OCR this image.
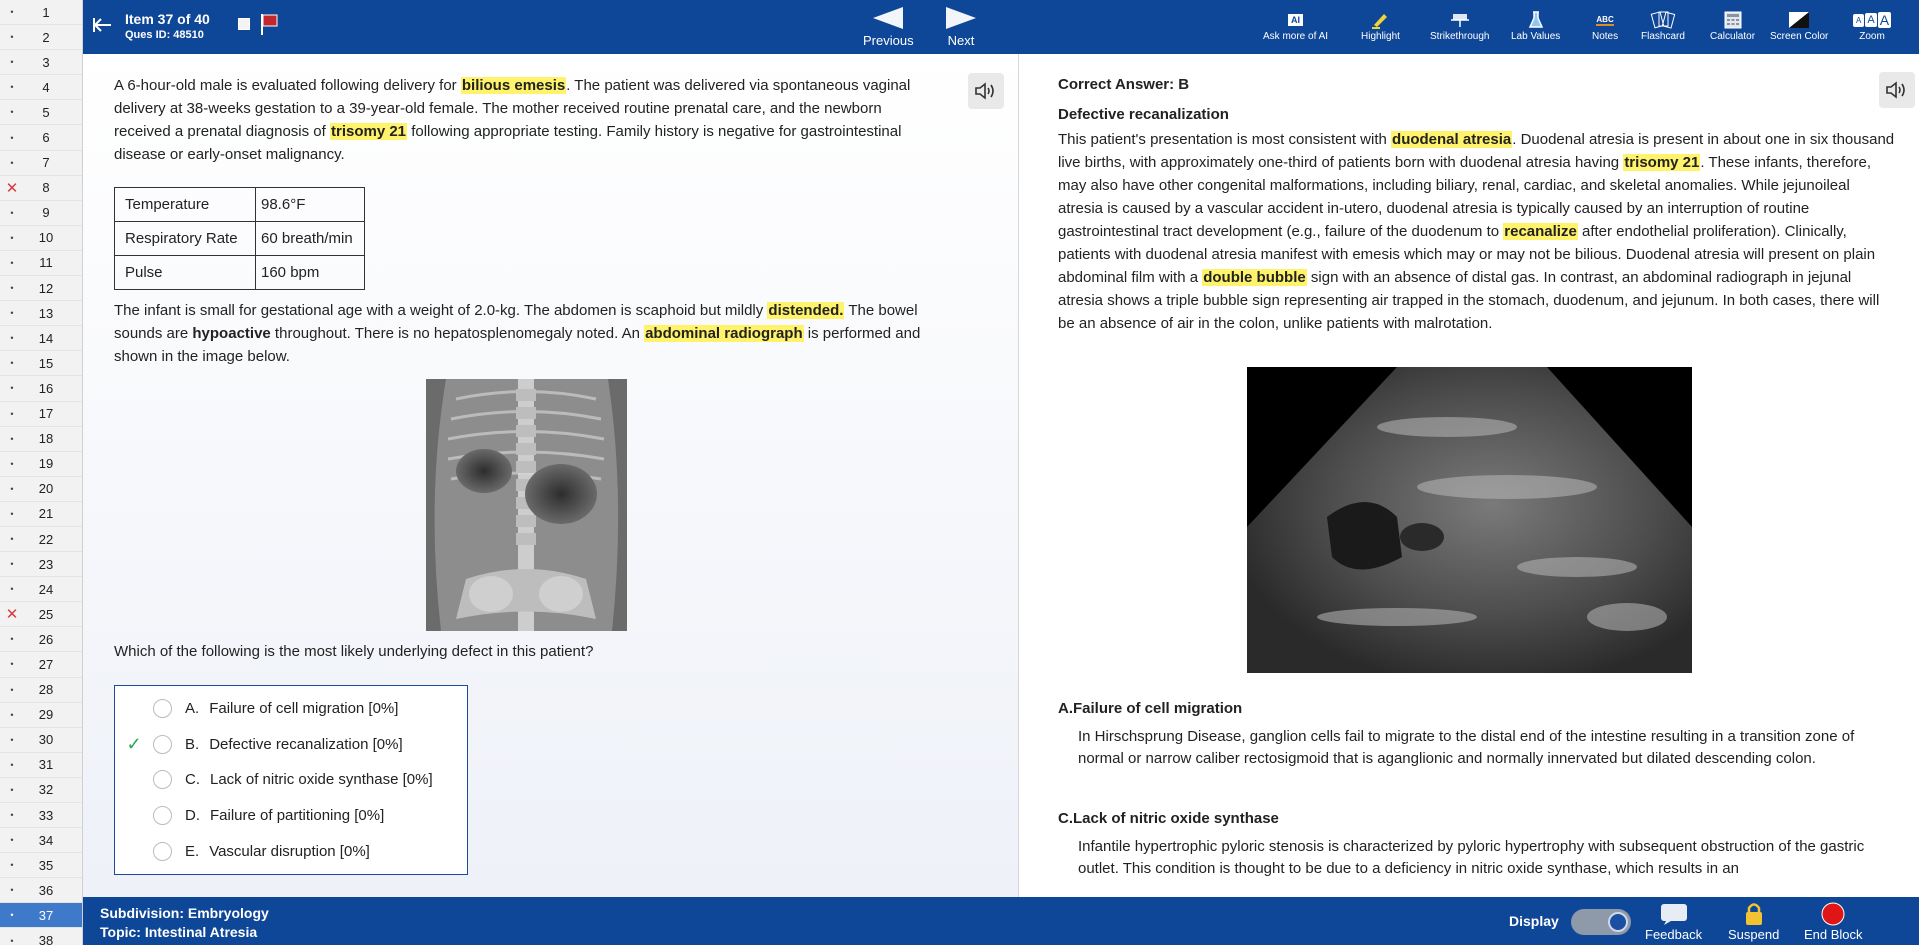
•	1
•	2
•	3
•	4
•	5
•	6
•	7
✕	8
•	9
•	10
•	11
•	12
•	13
•	14
•	15
•	16
•	17
•	18
•	19
•	20
•	21
•	22
•	23
•	24
✕	25
•	26
•	27
•	28
•	29
•	30
•	31
•	32
•	33
•	34
•	35
•	36
•	37
•	38
Item 37 of 40
Ques ID: 48510	Previous	Next
AI
Ask more of AI	Highlight	Strikethrough Lab Values
ABC
Notes Flashcard	Calculator Screen Color
A A A
Zoom
A 6-hour-old male is evaluated following delivery for bilious emesis. The patient was delivered via spontaneous vaginal delivery at 38-weeks gestation to a 39-year-old female. The mother received routine prenatal care, and the newborn received a prenatal diagnosis of trisomy 21 following appropriate testing. Family history is negative for gastrointestinal disease or early-onset malignancy.
Temperature	98.6°F
Respiratory Rate	60 breath/min
Pulse	160 bpm
The infant is small for gestational age with a weight of 2.0-kg. The abdomen is scaphoid but mildly distended. The bowel sounds are hypoactive throughout. There is no hepatosplenomegaly noted. An abdominal radiograph is performed and shown in the image below.
Which of the following is the most likely underlying defect in this patient?
A. Failure of cell migration [0%]
✓	B. Defective recanalization [0%]
C. Lack of nitric oxide synthase [0%]
D. Failure of partitioning [0%]
E. Vascular disruption [0%]
Correct Answer: B
Defective recanalization
This patient's presentation is most consistent with duodenal atresia. Duodenal atresia is present in about one in six thousand live births, with approximately one-third of patients born with duodenal atresia having trisomy 21. These infants, therefore, may also have other congenital malformations, including biliary, renal, cardiac, and skeletal anomalies. While jejunoileal atresia is caused by a vascular accident in-utero, duodenal atresia is typically caused by an interruption of routine gastrointestinal tract development (e.g., failure of the duodenum to recanalize after endothelial proliferation). Clinically, patients with duodenal atresia manifest with emesis which may or may not be bilious. Duodenal atresia will present on plain abdominal film with a double bubble sign with an absence of distal gas. In contrast, an abdominal radiograph in jejunal atresia shows a triple bubble sign representing air trapped in the stomach, duodenum, and jejunum. In both cases, there will be an absence of air in the colon, unlike patients with malrotation.
A.Failure of cell migration
In Hirschsprung Disease, ganglion cells fail to migrate to the distal end of the intestine resulting in a transition zone of normal or narrow caliber rectosigmoid that is aganglionic and normally innervated but dilated descending colon.
C.Lack of nitric oxide synthase
Infantile hypertrophic pyloric stenosis is characterized by pyloric hypertrophy with subsequent obstruction of the gastric outlet. This condition is thought to be due to a deficiency in nitric oxide synthase, which results in an
Subdivision: Embryology
Topic: Intestinal Atresia
Display
Feedback Suspend End Block
